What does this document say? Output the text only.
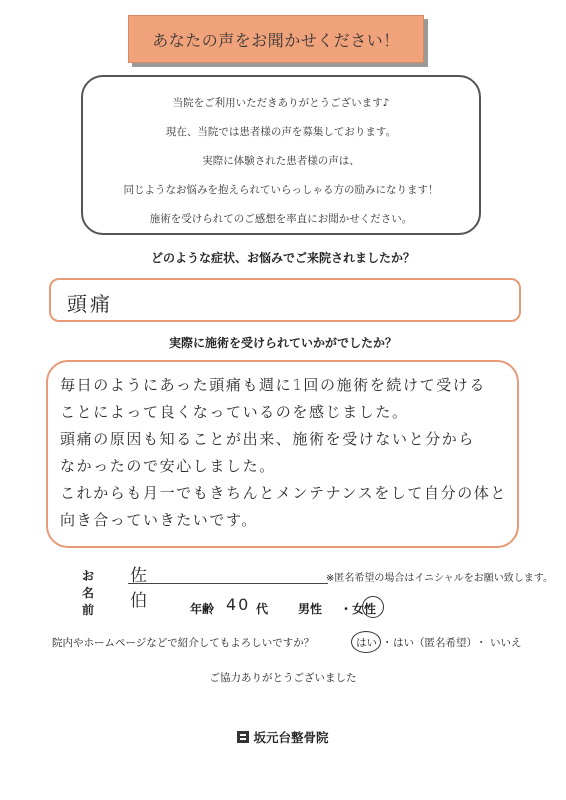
あなたの声をお聞かせください！
当院をご利用いただきありがとうございます♪
現在、当院では患者様の声を募集しております。
実際に体験された患者様の声は、
同じようなお悩みを抱えられていらっしゃる方の励みになります！
施術を受けられてのご感想を率直にお聞かせください。
どのような症状、お悩みでご来院されましたか？
頭痛
実際に施術を受けられていかがでしたか？
毎日のようにあった頭痛も週に1回の施術を続けて受ける
ことによって良くなっているのを感じました。
頭痛の原因も知ることが出来、施術を受けないと分から
なかったので安心しました。
これからも月一でもきちんとメンテナンスをして自分の体と
向き合っていきたいです。
お名前
佐伯
※匿名希望の場合はイニシャルをお願い致します。
年齢 40 代 男性 ・ 女性
院内やホームページなどで紹介してもよろしいですか？	はい ・ はい（匿名希望） ・ いいえ
ご協力ありがとうございました
坂元台整骨院
